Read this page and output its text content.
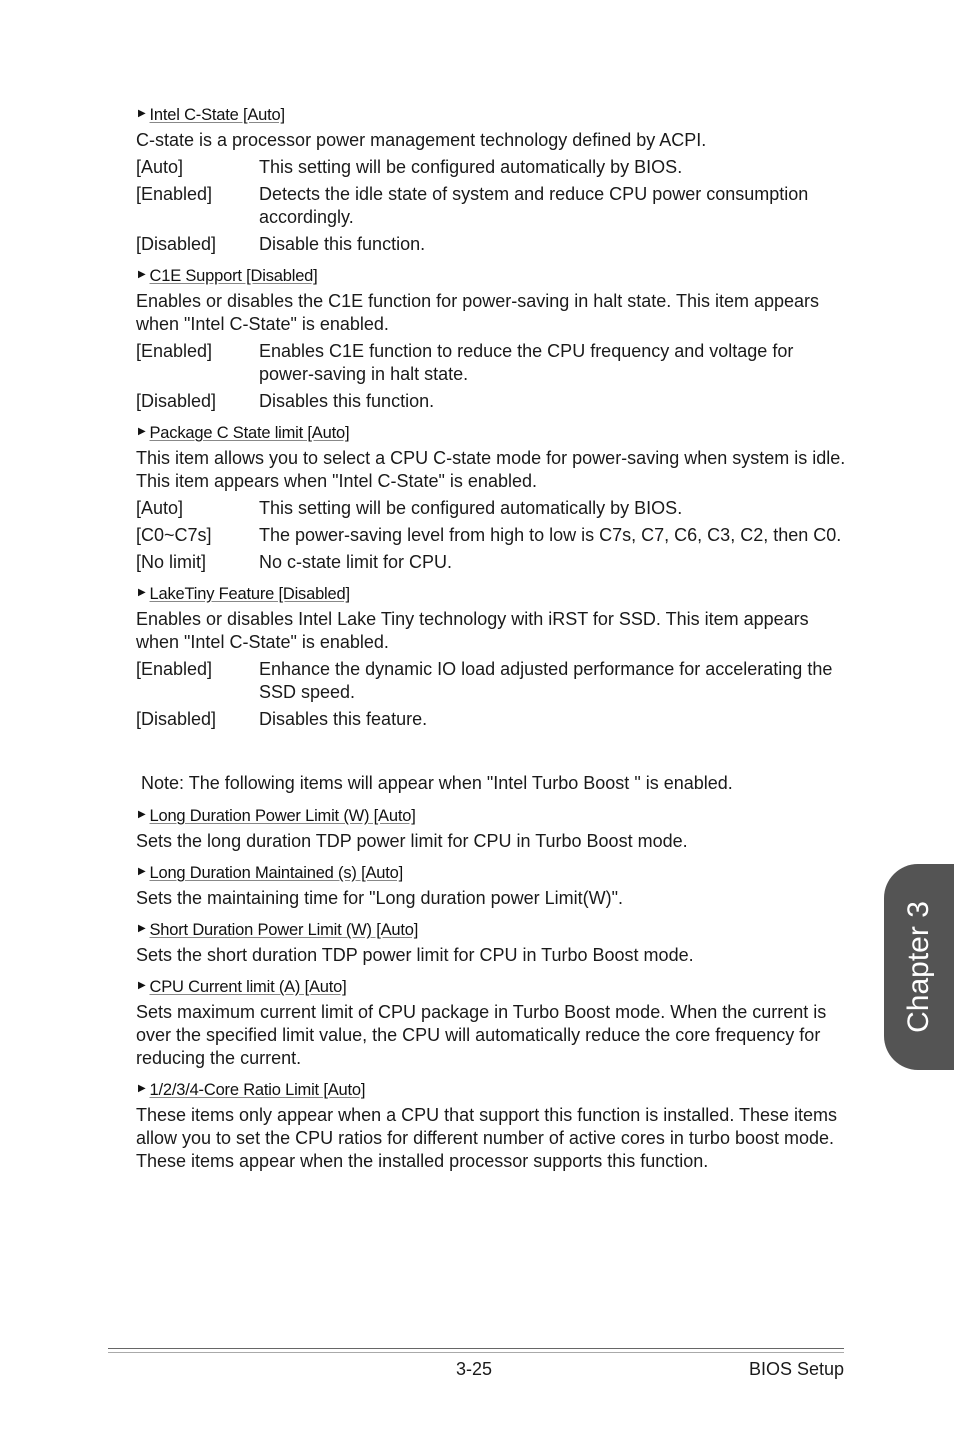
▶ Intel C-State [Auto]
C-state is a processor power management technology defined by ACPI.
[Auto]	This setting will be configured automatically by BIOS.
[Enabled]	Detects the idle state of system and reduce CPU power consumption accordingly.
[Disabled]	Disable this function.
▶ C1E Support [Disabled]
Enables or disables the C1E function for power-saving in halt state. This item appears when "Intel C-State" is enabled.
[Enabled]	Enables C1E function to reduce the CPU frequency and voltage for power-saving in halt state.
[Disabled]	Disables this function.
▶ Package C State limit [Auto]
This item allows you to select a CPU C-state mode for power-saving when system is idle. This item appears when "Intel C-State" is enabled.
[Auto]	This setting will be configured automatically by BIOS.
[C0~C7s]	The power-saving level from high to low is C7s, C7, C6, C3, C2, then C0.
[No limit]	No c-state limit for CPU.
▶ LakeTiny Feature [Disabled]
Enables or disables Intel Lake Tiny technology with iRST for SSD. This item appears when "Intel C-State" is enabled.
[Enabled]	Enhance the dynamic IO load adjusted performance for accelerating the SSD speed.
[Disabled]	Disables this feature.
Note: The following items will appear when "Intel Turbo Boost " is enabled.
▶ Long Duration Power Limit (W) [Auto]
Sets the long duration TDP power limit for CPU in Turbo Boost mode.
▶ Long Duration Maintained (s) [Auto]
Sets the maintaining time for "Long duration power Limit(W)".
▶ Short Duration Power Limit (W) [Auto]
Sets the short duration TDP power limit for CPU in Turbo Boost mode.
▶ CPU Current limit (A) [Auto]
Sets maximum current limit of CPU package in Turbo Boost mode. When the current is over the specified limit value, the CPU will automatically reduce the core frequency for reducing the current.
▶ 1/2/3/4-Core Ratio Limit [Auto]
These items only appear when a CPU that support this function is installed. These items allow you to set the CPU ratios for different number of active cores in turbo boost mode. These items appear when the installed processor supports this function.
3-25	BIOS Setup
Chapter 3
